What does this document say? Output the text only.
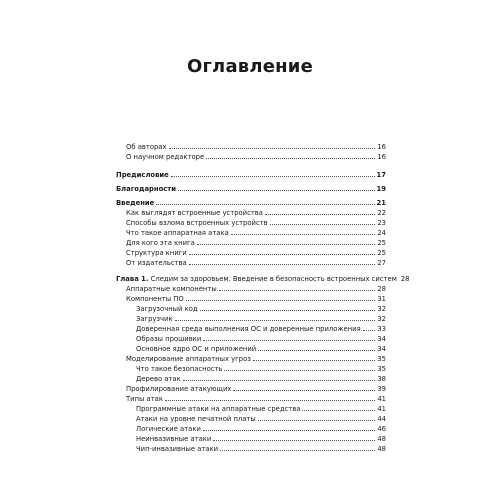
Оглавление
Об авторах	16
О научном редакторе	16
Предисловие	17
Благодарности	19
Введение	21
Как выглядят встроенные устройства	22
Способы взлома встроенных устройств	23
Что такое аппаратная атака	24
Для кого эта книга	25
Структура книги	25
От издательства	27
Глава 1. Следим за здоровьем. Введение в безопасность встроенных систем 28
Аппаратные компоненты	28
Компоненты ПО	31
Загрузочный код	32
Загрузчик	32
Доверенная среда выполнения ОС и доверенные приложения 33
Образы прошивки	34
Основное ядро ОС и приложений	34
Моделирование аппаратных угроз	35
Что такое безопасность	35
Дерево атак	38
Профилирование атакующих	39
Типы атак	41
Программные атаки на аппаратные средства	41
Атаки на уровне печатной платы	44
Логические атаки	46
Неинвазивные атаки	48
Чип-инвазивные атаки	48
